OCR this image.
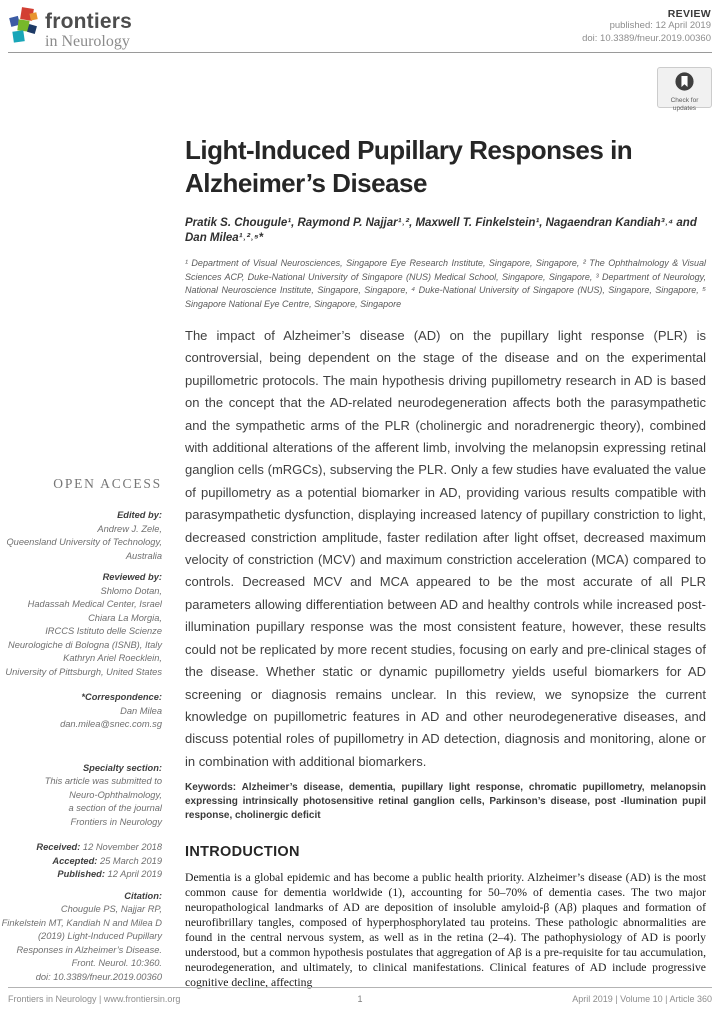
frontiers
in Neurology
REVIEW
published: 12 April 2019
doi: 10.3389/fneur.2019.00360
Check for
updates
OPEN ACCESS
Edited by:
Andrew J. Zele,
Queensland University of Technology,
Australia
Reviewed by:
Shlomo Dotan,
Hadassah Medical Center, Israel
Chiara La Morgia,
IRCCS Istituto delle Scienze
Neurologiche di Bologna (ISNB), Italy
Kathryn Ariel Roecklein,
University of Pittsburgh, United States
*Correspondence:
Dan Milea
dan.milea@snec.com.sg
Specialty section:
This article was submitted to
Neuro-Ophthalmology,
a section of the journal
Frontiers in Neurology
Received: 12 November 2018
Accepted: 25 March 2019
Published: 12 April 2019
Citation:
Chougule PS, Najjar RP,
Finkelstein MT, Kandiah N and Milea D
(2019) Light-Induced Pupillary
Responses in Alzheimer’s Disease.
Front. Neurol. 10:360.
doi: 10.3389/fneur.2019.00360
Light-Induced Pupillary Responses in Alzheimer’s Disease
Pratik S. Chougule¹, Raymond P. Najjar¹˒², Maxwell T. Finkelstein¹, Nagaendran Kandiah³˒⁴ and Dan Milea¹˒²˒⁵*
¹ Department of Visual Neurosciences, Singapore Eye Research Institute, Singapore, Singapore, ² The Ophthalmology & Visual Sciences ACP, Duke-National University of Singapore (NUS) Medical School, Singapore, Singapore, ³ Department of Neurology, National Neuroscience Institute, Singapore, Singapore, ⁴ Duke-National University of Singapore (NUS), Singapore, Singapore, ⁵ Singapore National Eye Centre, Singapore, Singapore
The impact of Alzheimer’s disease (AD) on the pupillary light response (PLR) is controversial, being dependent on the stage of the disease and on the experimental pupillometric protocols. The main hypothesis driving pupillometry research in AD is based on the concept that the AD-related neurodegeneration affects both the parasympathetic and the sympathetic arms of the PLR (cholinergic and noradrenergic theory), combined with additional alterations of the afferent limb, involving the melanopsin expressing retinal ganglion cells (mRGCs), subserving the PLR. Only a few studies have evaluated the value of pupillometry as a potential biomarker in AD, providing various results compatible with parasympathetic dysfunction, displaying increased latency of pupillary constriction to light, decreased constriction amplitude, faster redilation after light offset, decreased maximum velocity of constriction (MCV) and maximum constriction acceleration (MCA) compared to controls. Decreased MCV and MCA appeared to be the most accurate of all PLR parameters allowing differentiation between AD and healthy controls while increased post-illumination pupillary response was the most consistent feature, however, these results could not be replicated by more recent studies, focusing on early and pre-clinical stages of the disease. Whether static or dynamic pupillometry yields useful biomarkers for AD screening or diagnosis remains unclear. In this review, we synopsize the current knowledge on pupillometric features in AD and other neurodegenerative diseases, and discuss potential roles of pupillometry in AD detection, diagnosis and monitoring, alone or in combination with additional biomarkers.
Keywords: Alzheimer’s disease, dementia, pupillary light response, chromatic pupillometry, melanopsin expressing intrinsically photosensitive retinal ganglion cells, Parkinson’s disease, post -Ilumination pupil response, cholinergic deficit
INTRODUCTION
Dementia is a global epidemic and has become a public health priority. Alzheimer’s disease (AD) is the most common cause for dementia worldwide (1), accounting for 50–70% of dementia cases. The two major neuropathological landmarks of AD are deposition of insoluble amyloid-β (Aβ) plaques and formation of neurofibrillary tangles, composed of hyperphosphorylated tau proteins. These pathologic abnormalities are found in the central nervous system, as well as in the retina (2–4). The pathophysiology of AD is poorly understood, but a common hypothesis postulates that aggregation of Aβ is a pre-requisite for tau accumulation, neurodegeneration, and ultimately, to clinical manifestations. Clinical features of AD include progressive cognitive decline, affecting
Frontiers in Neurology | www.frontiersin.org	1	April 2019 | Volume 10 | Article 360
